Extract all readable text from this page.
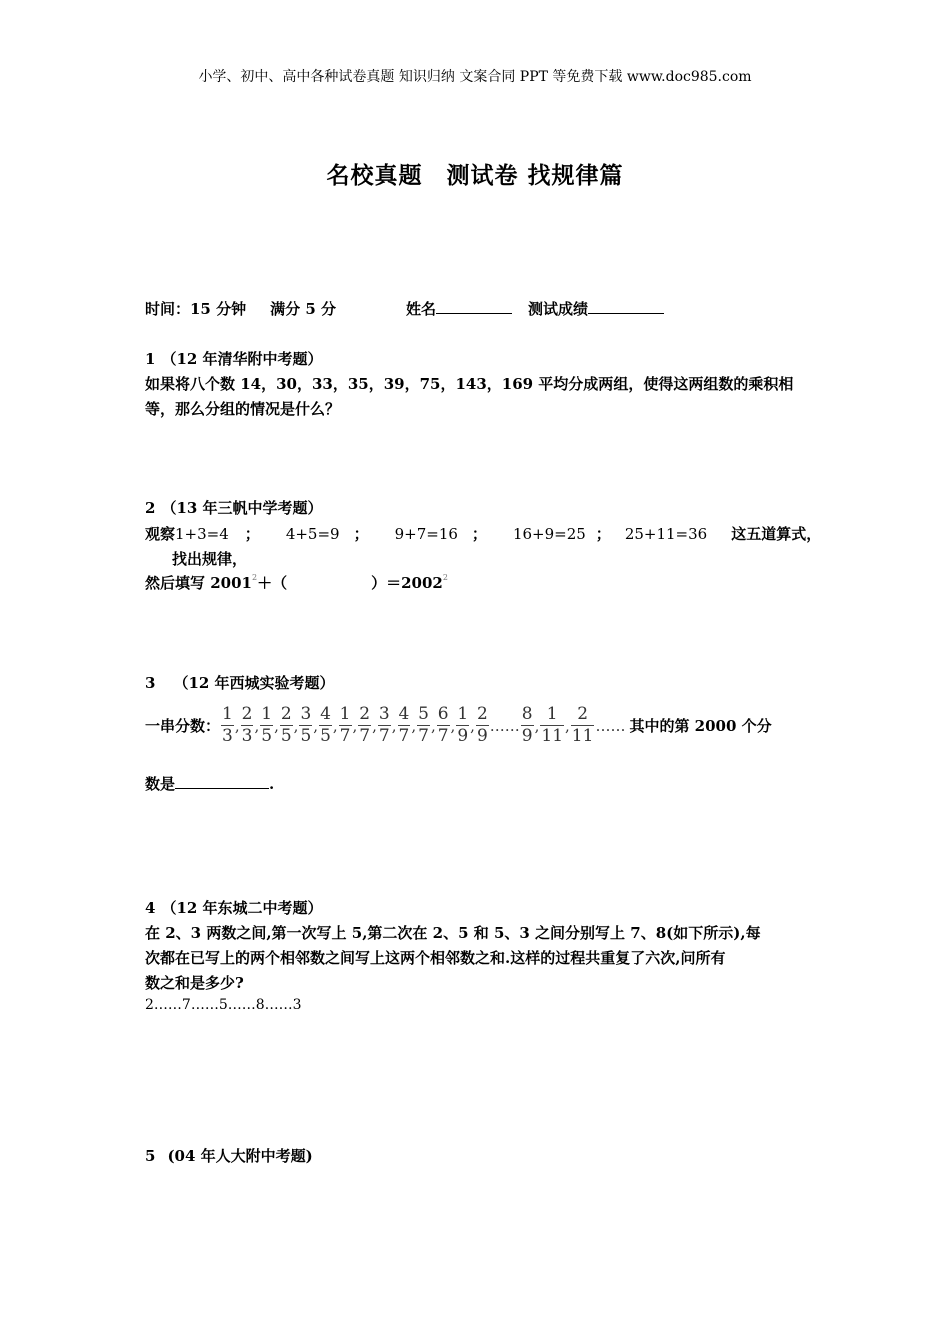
小学、初中、高中各种试卷真题 知识归纳 文案合同 PPT 等免费下载 www.doc985.com
名校真题　测试卷 找规律篇
时间：15 分钟 满分 5 分	姓名	测试成绩
1 （12 年清华附中考题）
如果将八个数 14，30，33，35，39，75，143，169 平均分成两组，使得这两组数的乘积相
等，那么分组的情况是什么？
2 （13 年三帆中学考题）
观察1+3=4 ； 4+5=9 ； 9+7=16 ； 16+9=25 ； 25+11=36 这五道算式，
找出规律，
然后填写 $2001^2+$（	）$=2002^2$
3 （12 年西城实验考题）
一串分数： $\frac{1}{3}$ , $\frac{2}{3}$ , $\frac{1}{5}$ , $\frac{2}{5}$ , $\frac{3}{5}$ , $\frac{4}{5}$ , $\frac{1}{7}$ , $\frac{2}{7}$ , $\frac{3}{7}$ , $\frac{4}{7}$ , $\frac{5}{7}$ , $\frac{6}{7}$ , $\frac{1}{9}$ , $\frac{2}{9}$ …… $\frac{8}{9}$ , $\frac{1}{11}$ , $\frac{2}{11}$ …… 其中的第 2000 个分
数是	.
4 （12 年东城二中考题）
在 2、3 两数之间,第一次写上 5,第二次在 2、5 和 5、3 之间分别写上 7、8(如下所示),每
次都在已写上的两个相邻数之间写上这两个相邻数之和.这样的过程共重复了六次,问所有
数之和是多少?
2……7……5……8……3
5 (04 年人大附中考题)
